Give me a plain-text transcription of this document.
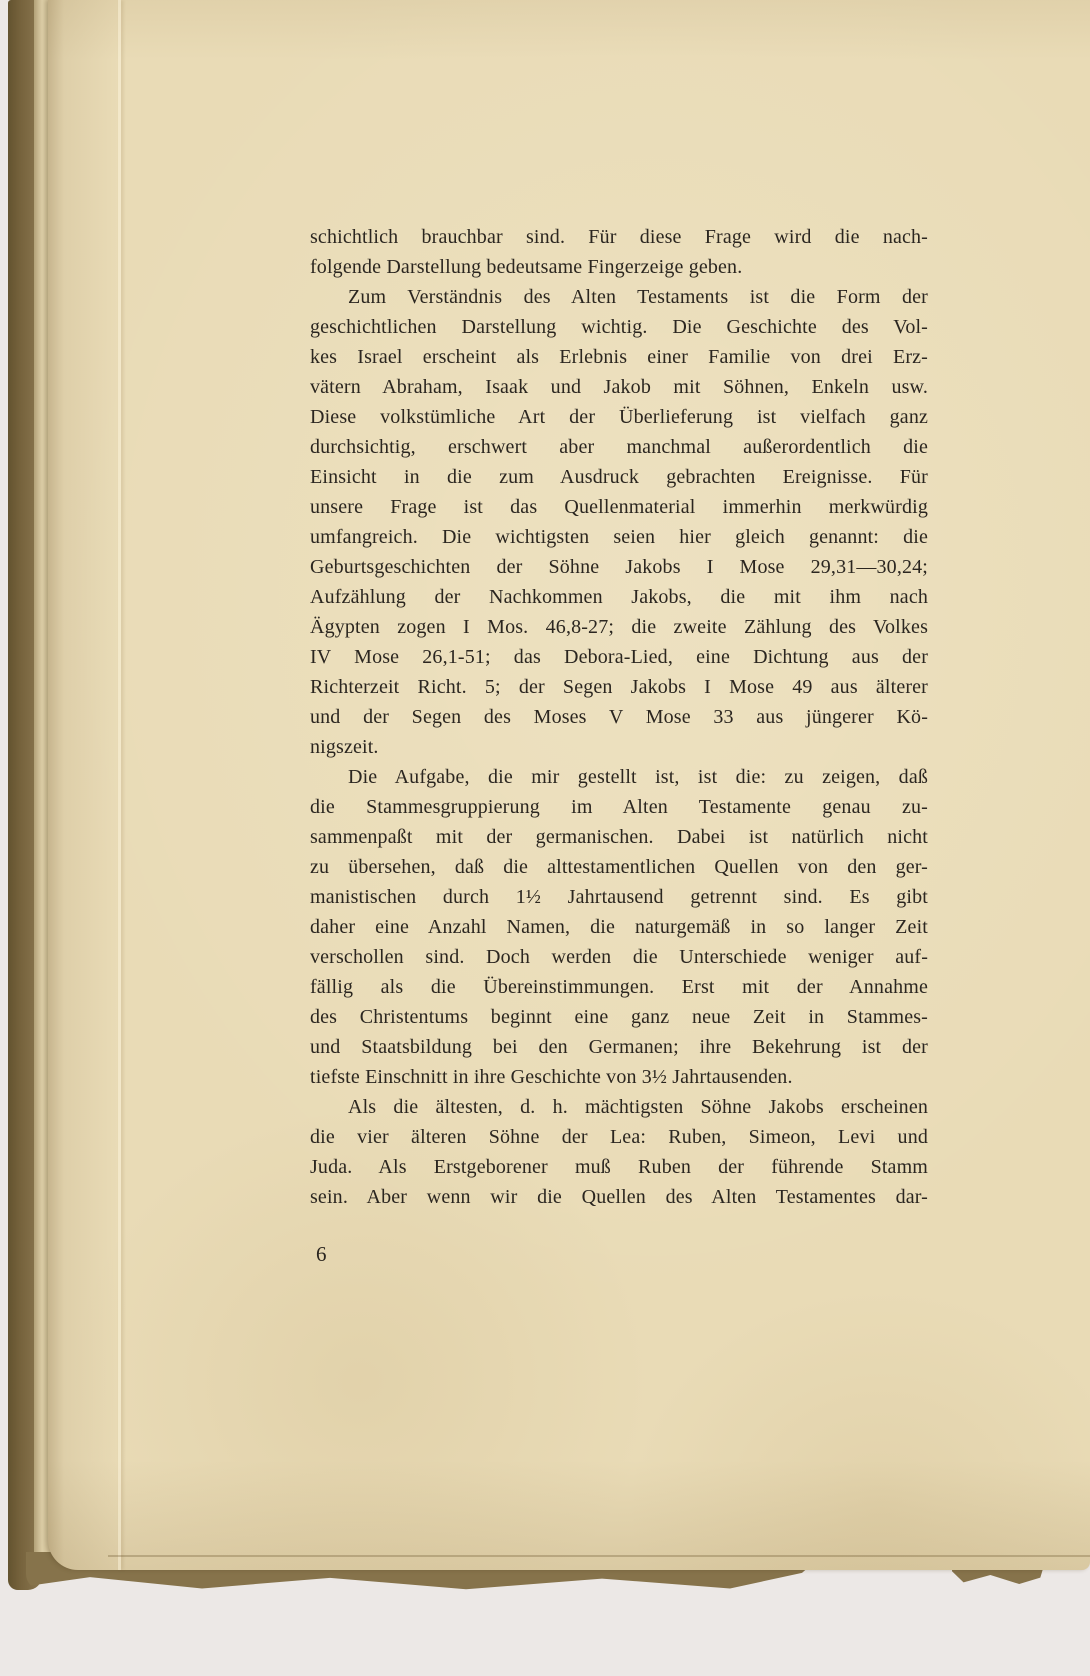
schichtlich brauchbar sind. Für diese Frage wird die nach-
folgende Darstellung bedeutsame Fingerzeige geben.
Zum Verständnis des Alten Testaments ist die Form der
geschichtlichen Darstellung wichtig. Die Geschichte des Vol-
kes Israel erscheint als Erlebnis einer Familie von drei Erz-
vätern Abraham, Isaak und Jakob mit Söhnen, Enkeln usw.
Diese volkstümliche Art der Überlieferung ist vielfach ganz
durchsichtig, erschwert aber manchmal außerordentlich die
Einsicht in die zum Ausdruck gebrachten Ereignisse. Für
unsere Frage ist das Quellenmaterial immerhin merkwürdig
umfangreich. Die wichtigsten seien hier gleich genannt: die
Geburtsgeschichten der Söhne Jakobs I Mose 29,31—30,24;
Aufzählung der Nachkommen Jakobs, die mit ihm nach
Ägypten zogen I Mos. 46,8-27; die zweite Zählung des Volkes
IV Mose 26,1-51; das Debora-Lied, eine Dichtung aus der
Richterzeit Richt. 5; der Segen Jakobs I Mose 49 aus älterer
und der Segen des Moses V Mose 33 aus jüngerer Kö-
nigszeit.
Die Aufgabe, die mir gestellt ist, ist die: zu zeigen, daß
die Stammesgruppierung im Alten Testamente genau zu-
sammenpaßt mit der germanischen. Dabei ist natürlich nicht
zu übersehen, daß die alttestamentlichen Quellen von den ger-
manistischen durch 1½ Jahrtausend getrennt sind. Es gibt
daher eine Anzahl Namen, die naturgemäß in so langer Zeit
verschollen sind. Doch werden die Unterschiede weniger auf-
fällig als die Übereinstimmungen. Erst mit der Annahme
des Christentums beginnt eine ganz neue Zeit in Stammes-
und Staatsbildung bei den Germanen; ihre Bekehrung ist der
tiefste Einschnitt in ihre Geschichte von 3½ Jahrtausenden.
Als die ältesten, d. h. mächtigsten Söhne Jakobs erscheinen
die vier älteren Söhne der Lea: Ruben, Simeon, Levi und
Juda. Als Erstgeborener muß Ruben der führende Stamm
sein. Aber wenn wir die Quellen des Alten Testamentes dar-
6
